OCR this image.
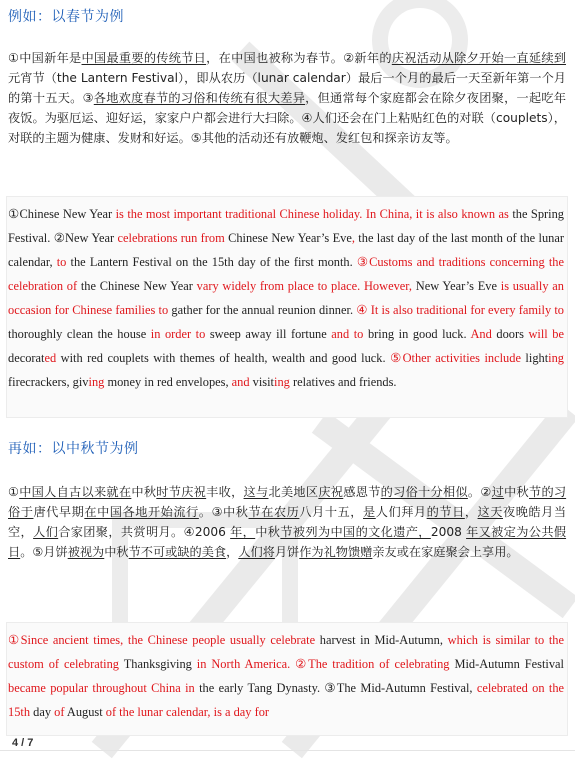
例如：以春节为例
①中国新年是中国最重要的传统节日，在中国也被称为春节。②新年的庆祝活动从除夕开始一直延续到元宵节（the Lantern Festival），即从农历（lunar calendar）最后一个月的最后一天至新年第一个月的第十五天。③各地欢度春节的习俗和传统有很大差异，但通常每个家庭都会在除夕夜团聚，一起吃年夜饭。为驱厄运、迎好运，家家户户都会进行大扫除。④人们还会在门上粘贴红色的对联（couplets），对联的主题为健康、发财和好运。⑤其他的活动还有放鞭炮、发红包和探亲访友等。
①Chinese New Year is the most important traditional Chinese holiday. In China, it is also known as the Spring Festival. ②New Year celebrations run from Chinese New Year’s Eve, the last day of the last month of the lunar calendar, to the Lantern Festival on the 15th day of the first month. ③Customs and traditions concerning the celebration of the Chinese New Year vary widely from place to place. However, New Year’s Eve is usually an occasion for Chinese families to gather for the annual reunion dinner. ④ It is also traditional for every family to thoroughly clean the house in order to sweep away ill fortune and to bring in good luck. And doors will be decorated with red couplets with themes of health, wealth and good luck. ⑤Other activities include lighting firecrackers, giving money in red envelopes, and visiting relatives and friends.
再如：以中秋节为例
①中国人自古以来就在中秋时节庆祝丰收，这与北美地区庆祝感恩节的习俗十分相似。②过中秋节的习俗于唐代早期在中国各地开始流行。③中秋节在农历八月十五，是人们拜月的节日，这天夜晚皓月当空，人们合家团聚，共赏明月。④2006 年，中秋节被列为中国的文化遗产，2008 年又被定为公共假日。⑤月饼被视为中秋节不可或缺的美食，人们将月饼作为礼物馈赠亲友或在家庭聚会上享用。
①Since ancient times, the Chinese people usually celebrate harvest in Mid-Autumn, which is similar to the custom of celebrating Thanksgiving in North America. ②The tradition of celebrating Mid-Autumn Festival became popular throughout China in the early Tang Dynasty. ③The Mid-Autumn Festival, celebrated on the 15th day of August of the lunar calendar, is a day for
4 / 7
